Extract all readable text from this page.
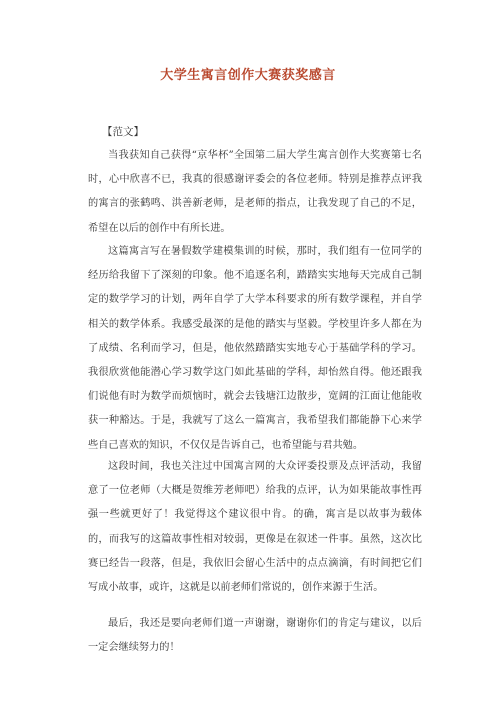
大学生寓言创作大赛获奖感言
【范文】

当我获知自己获得“京华杯”全国第二届大学生寓言创作大奖赛第七名时，心中欣喜不已，我真的很感谢评委会的各位老师。特别是推荐点评我的寓言的张鹤鸣、洪善新老师，是老师的指点，让我发现了自己的不足，希望在以后的创作中有所长进。

这篇寓言写在暑假数学建模集训的时候，那时，我们组有一位同学的经历给我留下了深刻的印象。他不追逐名利，踏踏实实地每天完成自己制定的数学学习的计划，两年自学了大学本科要求的所有数学课程，并自学相关的数学体系。我感受最深的是他的踏实与坚毅。学校里许多人都在为了成绩、名利而学习，但是，他依然踏踏实实地专心于基础学科的学习。我很欣赏他能潜心学习数学这门如此基础的学科，却怡然自得。他还跟我们说他有时为数学而烦恼时，就会去钱塘江边散步，宽阔的江面让他能收获一种豁达。于是，我就写了这么一篇寓言，我希望我们都能静下心来学些自己喜欢的知识，不仅仅是告诉自己，也希望能与君共勉。

这段时间，我也关注过中国寓言网的大众评委投票及点评活动，我留意了一位老师（大概是贺维芳老师吧）给我的点评，认为如果能故事性再强一些就更好了！我觉得这个建议很中肯。的确，寓言是以故事为载体的，而我写的这篇故事性相对较弱，更像是在叙述一件事。虽然，这次比赛已经告一段落，但是，我依旧会留心生活中的点点滴滴，有时间把它们写成小故事，或许，这就是以前老师们常说的，创作来源于生活。

最后，我还是要向老师们道一声谢谢，谢谢你们的肯定与建议，以后一定会继续努力的！
